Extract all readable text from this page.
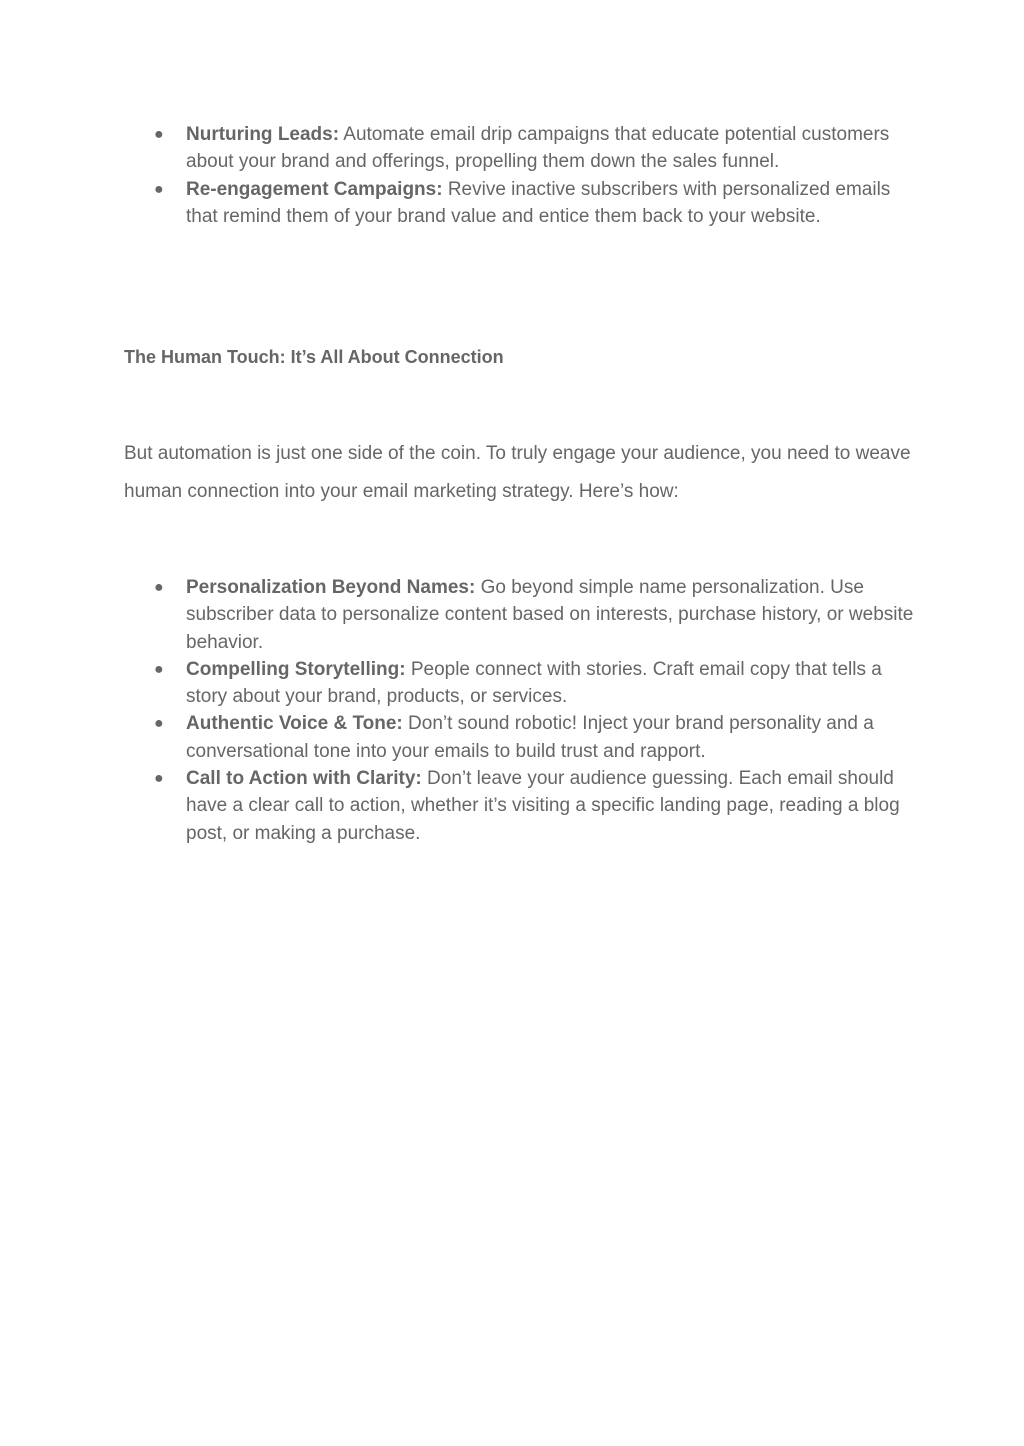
● Nurturing Leads: Automate email drip campaigns that educate potential customers about your brand and offerings, propelling them down the sales funnel.
● Re-engagement Campaigns: Revive inactive subscribers with personalized emails that remind them of your brand value and entice them back to your website.
The Human Touch: It’s All About Connection

But automation is just one side of the coin. To truly engage your audience, you need to weave human connection into your email marketing strategy. Here’s how:

● Personalization Beyond Names: Go beyond simple name personalization. Use subscriber data to personalize content based on interests, purchase history, or website behavior.
● Compelling Storytelling: People connect with stories. Craft email copy that tells a story about your brand, products, or services.
● Authentic Voice & Tone: Don’t sound robotic! Inject your brand personality and a conversational tone into your emails to build trust and rapport.
● Call to Action with Clarity: Don’t leave your audience guessing. Each email should have a clear call to action, whether it’s visiting a specific landing page, reading a blog post, or making a purchase.
